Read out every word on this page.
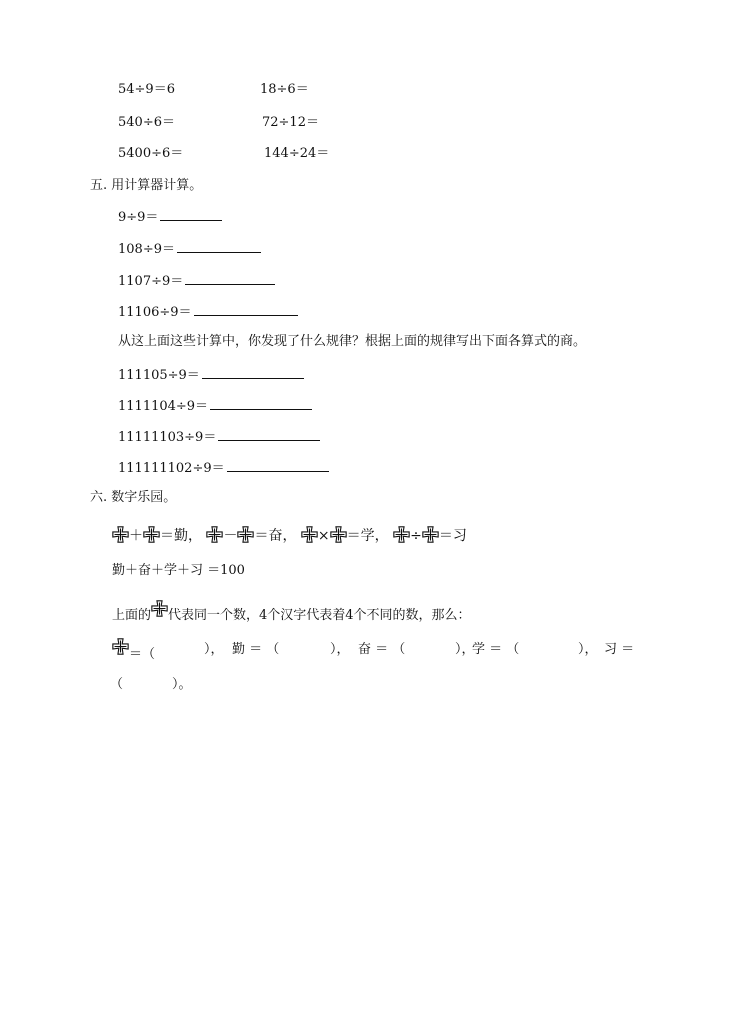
54÷9＝6	18÷6＝
540÷6＝	72÷12＝
5400÷6＝	144÷24＝
五. 用计算器计算。
9÷9＝
108÷9＝
1107÷9＝
11106÷9＝
从这上面这些计算中，你发现了什么规律？根据上面的规律写出下面各算式的商。
111105÷9＝
1111104÷9＝
11111103÷9＝
111111102÷9＝
六. 数字乐园。
＋ ＝勤， － ＝奋， × ＝学， ÷ ＝习
勤＋奋＋学＋习 ＝100
上面的 代表同一个数，4个汉字代表着4个不同的数，那么：
＝（	）， 勤 ＝ （	）， 奋 ＝ （	），
学 ＝ （	）， 习 ＝
（	）。
